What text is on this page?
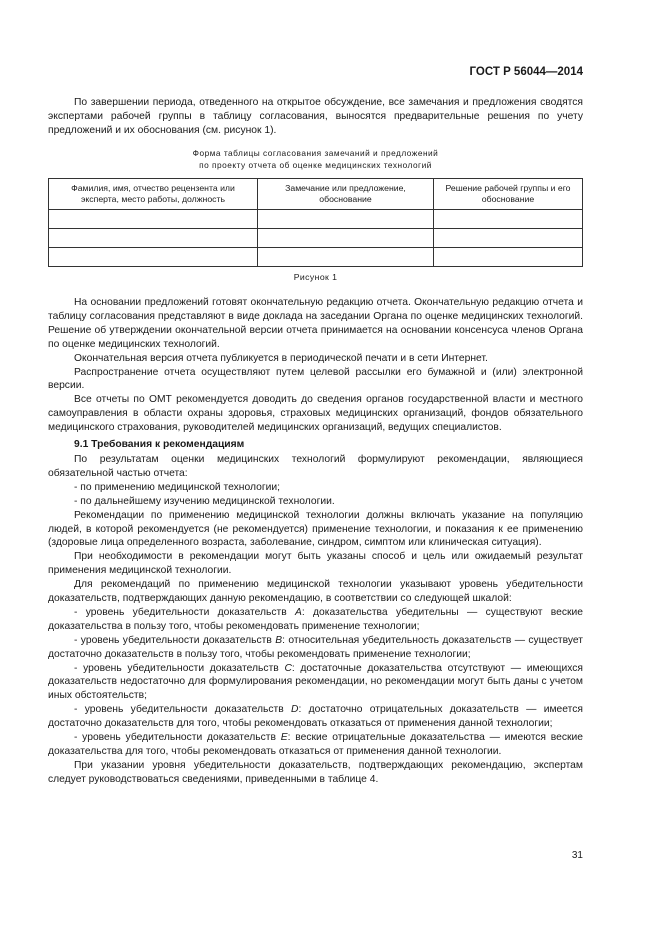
ГОСТ Р 56044—2014

По завершении периода, отведенного на открытое обсуждение, все замечания и предложения сводятся экспертами рабочей группы в таблицу согласования, выносятся предварительные решения по учету предложений и их обоснования (см. рисунок 1).

Форма таблицы согласования замечаний и предложений
по проекту отчета об оценке медицинских технологий
Фамилия, имя, отчество рецензента или эксперта, место работы, должность	Замечание или предложение, обоснование	Решение рабочей группы и его обоснование

Рисунок 1

На основании предложений готовят окончательную редакцию отчета. Окончательную редакцию отчета и таблицу согласования представляют в виде доклада на заседании Органа по оценке медицинских технологий. Решение об утверждении окончательной версии отчета принимается на основании консенсуса членов Органа по оценке медицинских технологий.

Окончательная версия отчета публикуется в периодической печати и в сети Интернет.

Распространение отчета осуществляют путем целевой рассылки его бумажной и (или) электронной версии.

Все отчеты по ОМТ рекомендуется доводить до сведения органов государственной власти и местного самоуправления в области охраны здоровья, страховых медицинских организаций, фондов обязательного медицинского страхования, руководителей медицинских организаций, ведущих специалистов.

9.1 Требования к рекомендациям

По результатам оценки медицинских технологий формулируют рекомендации, являющиеся обязательной частью отчета:

- по применению медицинской технологии;

- по дальнейшему изучению медицинской технологии.

Рекомендации по применению медицинской технологии должны включать указание на популяцию людей, в которой рекомендуется (не рекомендуется) применение технологии, и показания к ее применению (здоровые лица определенного возраста, заболевание, синдром, симптом или клиническая ситуация).

При необходимости в рекомендации могут быть указаны способ и цель или ожидаемый результат применения медицинской технологии.

Для рекомендаций по применению медицинской технологии указывают уровень убедительности доказательств, подтверждающих данную рекомендацию, в соответствии со следующей шкалой:

- уровень убедительности доказательств A: доказательства убедительны — существуют веские доказательства в пользу того, чтобы рекомендовать применение технологии;

- уровень убедительности доказательств B: относительная убедительность доказательств — существует достаточно доказательств в пользу того, чтобы рекомендовать применение технологии;

- уровень убедительности доказательств C: достаточные доказательства отсутствуют — имеющихся доказательств недостаточно для формулирования рекомендации, но рекомендации могут быть даны с учетом иных обстоятельств;

- уровень убедительности доказательств D: достаточно отрицательных доказательств — имеется достаточно доказательств для того, чтобы рекомендовать отказаться от применения данной технологии;

- уровень убедительности доказательств E: веские отрицательные доказательства — имеются веские доказательства для того, чтобы рекомендовать отказаться от применения данной технологии.

При указании уровня убедительности доказательств, подтверждающих рекомендацию, экспертам следует руководствоваться сведениями, приведенными в таблице 4.

31
